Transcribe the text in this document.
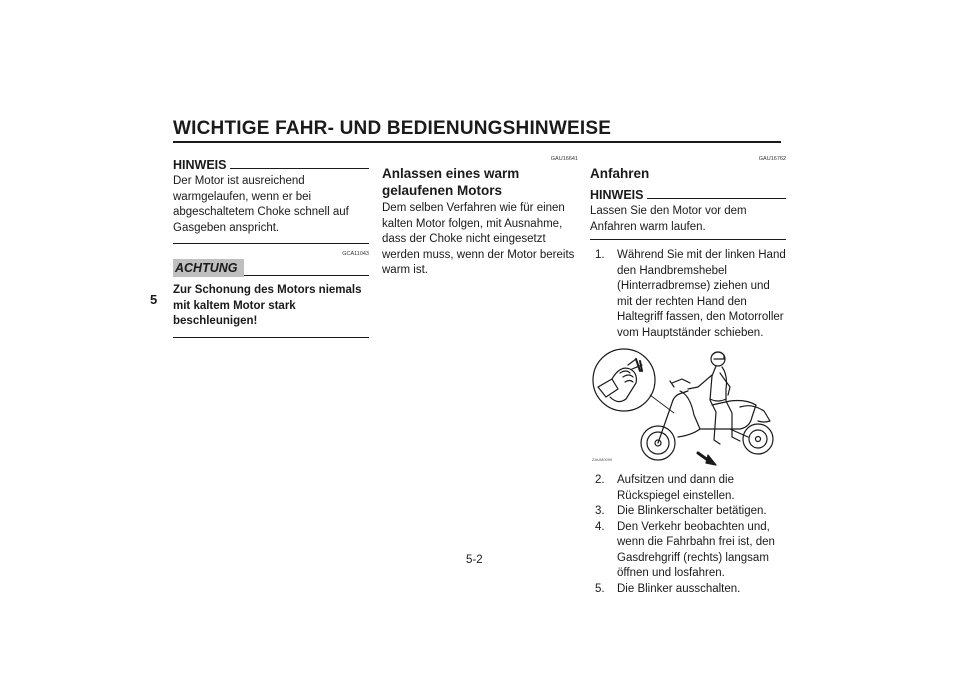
WICHTIGE FAHR- UND BEDIENUNGSHINWEISE
5
HINWEIS
Der Motor ist ausreichend warmgelaufen, wenn er bei abgeschaltetem Choke schnell auf Gasgeben anspricht.
GCA11043
ACHTUNG
Zur Schonung des Motors niemals mit kaltem Motor stark beschleunigen!
GAU16641
Anlassen eines warm gelaufenen Motors
Dem selben Verfahren wie für einen kalten Motor folgen, mit Ausnahme, dass der Choke nicht eingesetzt werden muss, wenn der Motor bereits warm ist.
GAU16762
Anfahren
HINWEIS
Lassen Sie den Motor vor dem Anfahren warm laufen.
1. Während Sie mit der linken Hand den Handbremshebel (Hinterradbremse) ziehen und mit der rechten Hand den Haltegriff fassen, den Motorroller vom Hauptständer schieben.
ZAUM0099
2. Aufsitzen und dann die Rückspiegel einstellen.
3. Die Blinkerschalter betätigen.
4. Den Verkehr beobachten und, wenn die Fahrbahn frei ist, den Gasdrehgriff (rechts) langsam öffnen und losfahren.
5. Die Blinker ausschalten.
5-2
